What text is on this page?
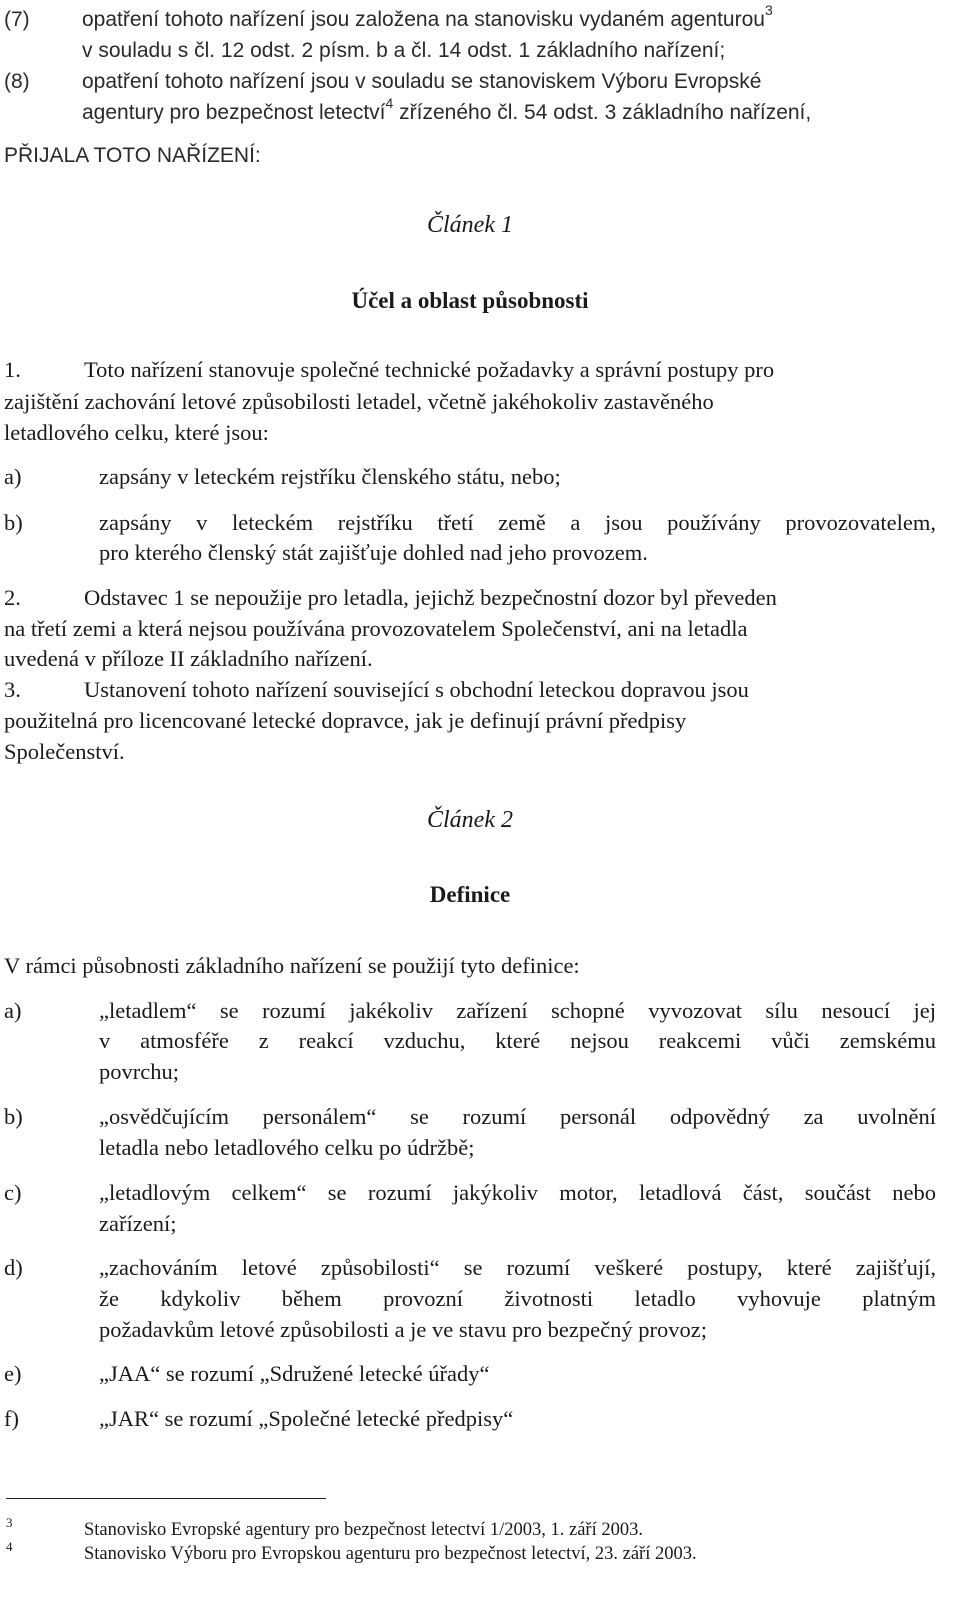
(7) opatření tohoto nařízení jsou založena na stanovisku vydaném agenturou$^3$
v souladu s čl. 12 odst. 2 písm. b a čl. 14 odst. 1 základního nařízení;
(8) opatření tohoto nařízení jsou v souladu se stanoviskem Výboru Evropské
agentury pro bezpečnost letectví$^4$ zřízeného čl. 54 odst. 3 základního nařízení,
PŘIJALA TOTO NAŘÍZENÍ:
Článek 1
Účel a oblast působnosti
1.	Toto nařízení stanovuje společné technické požadavky a správní postupy pro
zajištění zachování letové způsobilosti letadel, včetně jakéhokoliv zastavěného
letadlového celku, které jsou:
a)	zapsány v leteckém rejstříku členského státu, nebo;
b)	zapsány v leteckém rejstříku třetí země a jsou používány provozovatelem,
pro kterého členský stát zajišťuje dohled nad jeho provozem.
2.	Odstavec 1 se nepoužije pro letadla, jejichž bezpečnostní dozor byl převeden
na třetí zemi a která nejsou používána provozovatelem Společenství, ani na letadla
uvedená v příloze II základního nařízení.
3.	Ustanovení tohoto nařízení související s obchodní leteckou dopravou jsou
použitelná pro licencované letecké dopravce, jak je definují právní předpisy
Společenství.
Článek 2
Definice
V rámci působnosti základního nařízení se použijí tyto definice:
a)	„letadlem“ se rozumí jakékoliv zařízení schopné vyvozovat sílu nesoucí jej
v atmosféře z reakcí vzduchu, které nejsou reakcemi vůči zemskému
povrchu;
b)	„osvědčujícím personálem“ se rozumí personál odpovědný za uvolnění
letadla nebo letadlového celku po údržbě;
c)	„letadlovým celkem“ se rozumí jakýkoliv motor, letadlová část, součást nebo
zařízení;
d)	„zachováním letové způsobilosti“ se rozumí veškeré postupy, které zajišťují,
že kdykoliv během provozní životnosti letadlo vyhovuje platným
požadavkům letové způsobilosti a je ve stavu pro bezpečný provoz;
e)	„JAA“ se rozumí „Sdružené letecké úřady“
f)	„JAR“ se rozumí „Společné letecké předpisy“
3	Stanovisko Evropské agentury pro bezpečnost letectví 1/2003, 1. září 2003.
4	Stanovisko Výboru pro Evropskou agenturu pro bezpečnost letectví, 23. září 2003.
